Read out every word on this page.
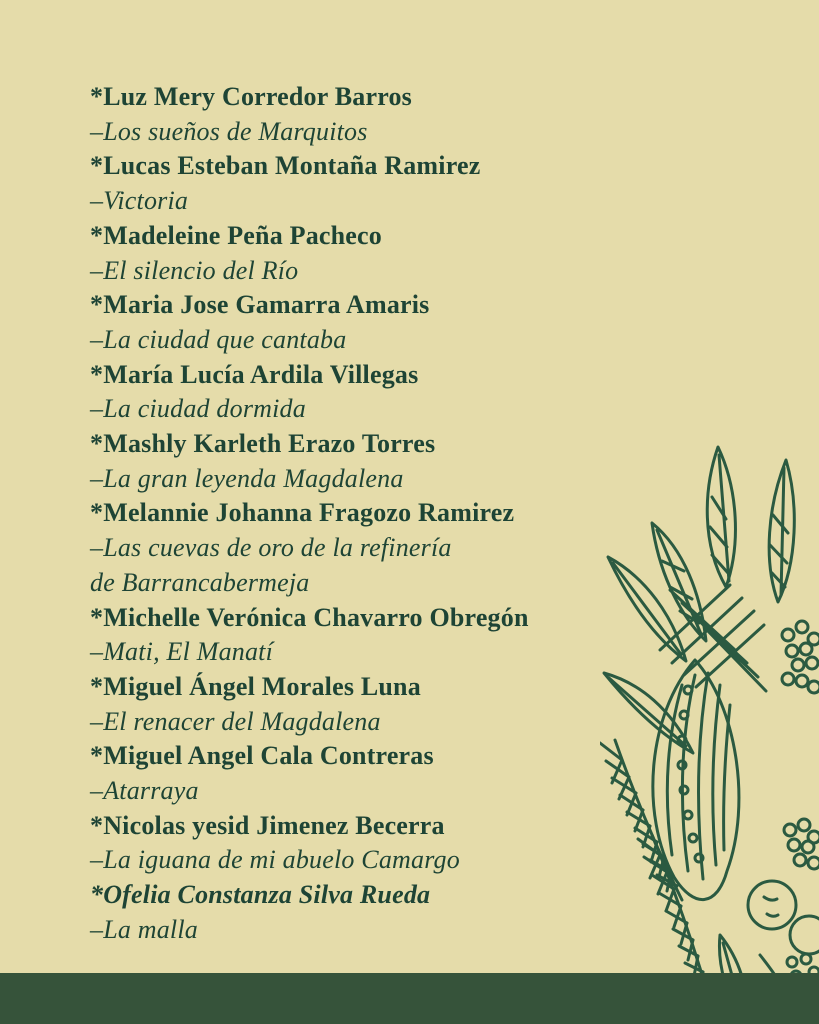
*Luz Mery Corredor Barros
–Los sueños de Marquitos
*Lucas Esteban Montaña Ramirez
–Victoria
*Madeleine Peña Pacheco
–El silencio del Río
*Maria Jose Gamarra Amaris
–La ciudad que cantaba
*María Lucía Ardila Villegas
–La ciudad dormida
*Mashly Karleth Erazo Torres
–La gran leyenda Magdalena
*Melannie Johanna Fragozo Ramirez
–Las cuevas de oro de la refinería
de Barrancabermeja
*Michelle Verónica Chavarro Obregón
–Mati, El Manatí
*Miguel Ángel Morales Luna
–El renacer del Magdalena
*Miguel Angel Cala Contreras
–Atarraya
*Nicolas yesid Jimenez Becerra
–La iguana de mi abuelo Camargo
*Ofelia Constanza Silva Rueda
–La malla
